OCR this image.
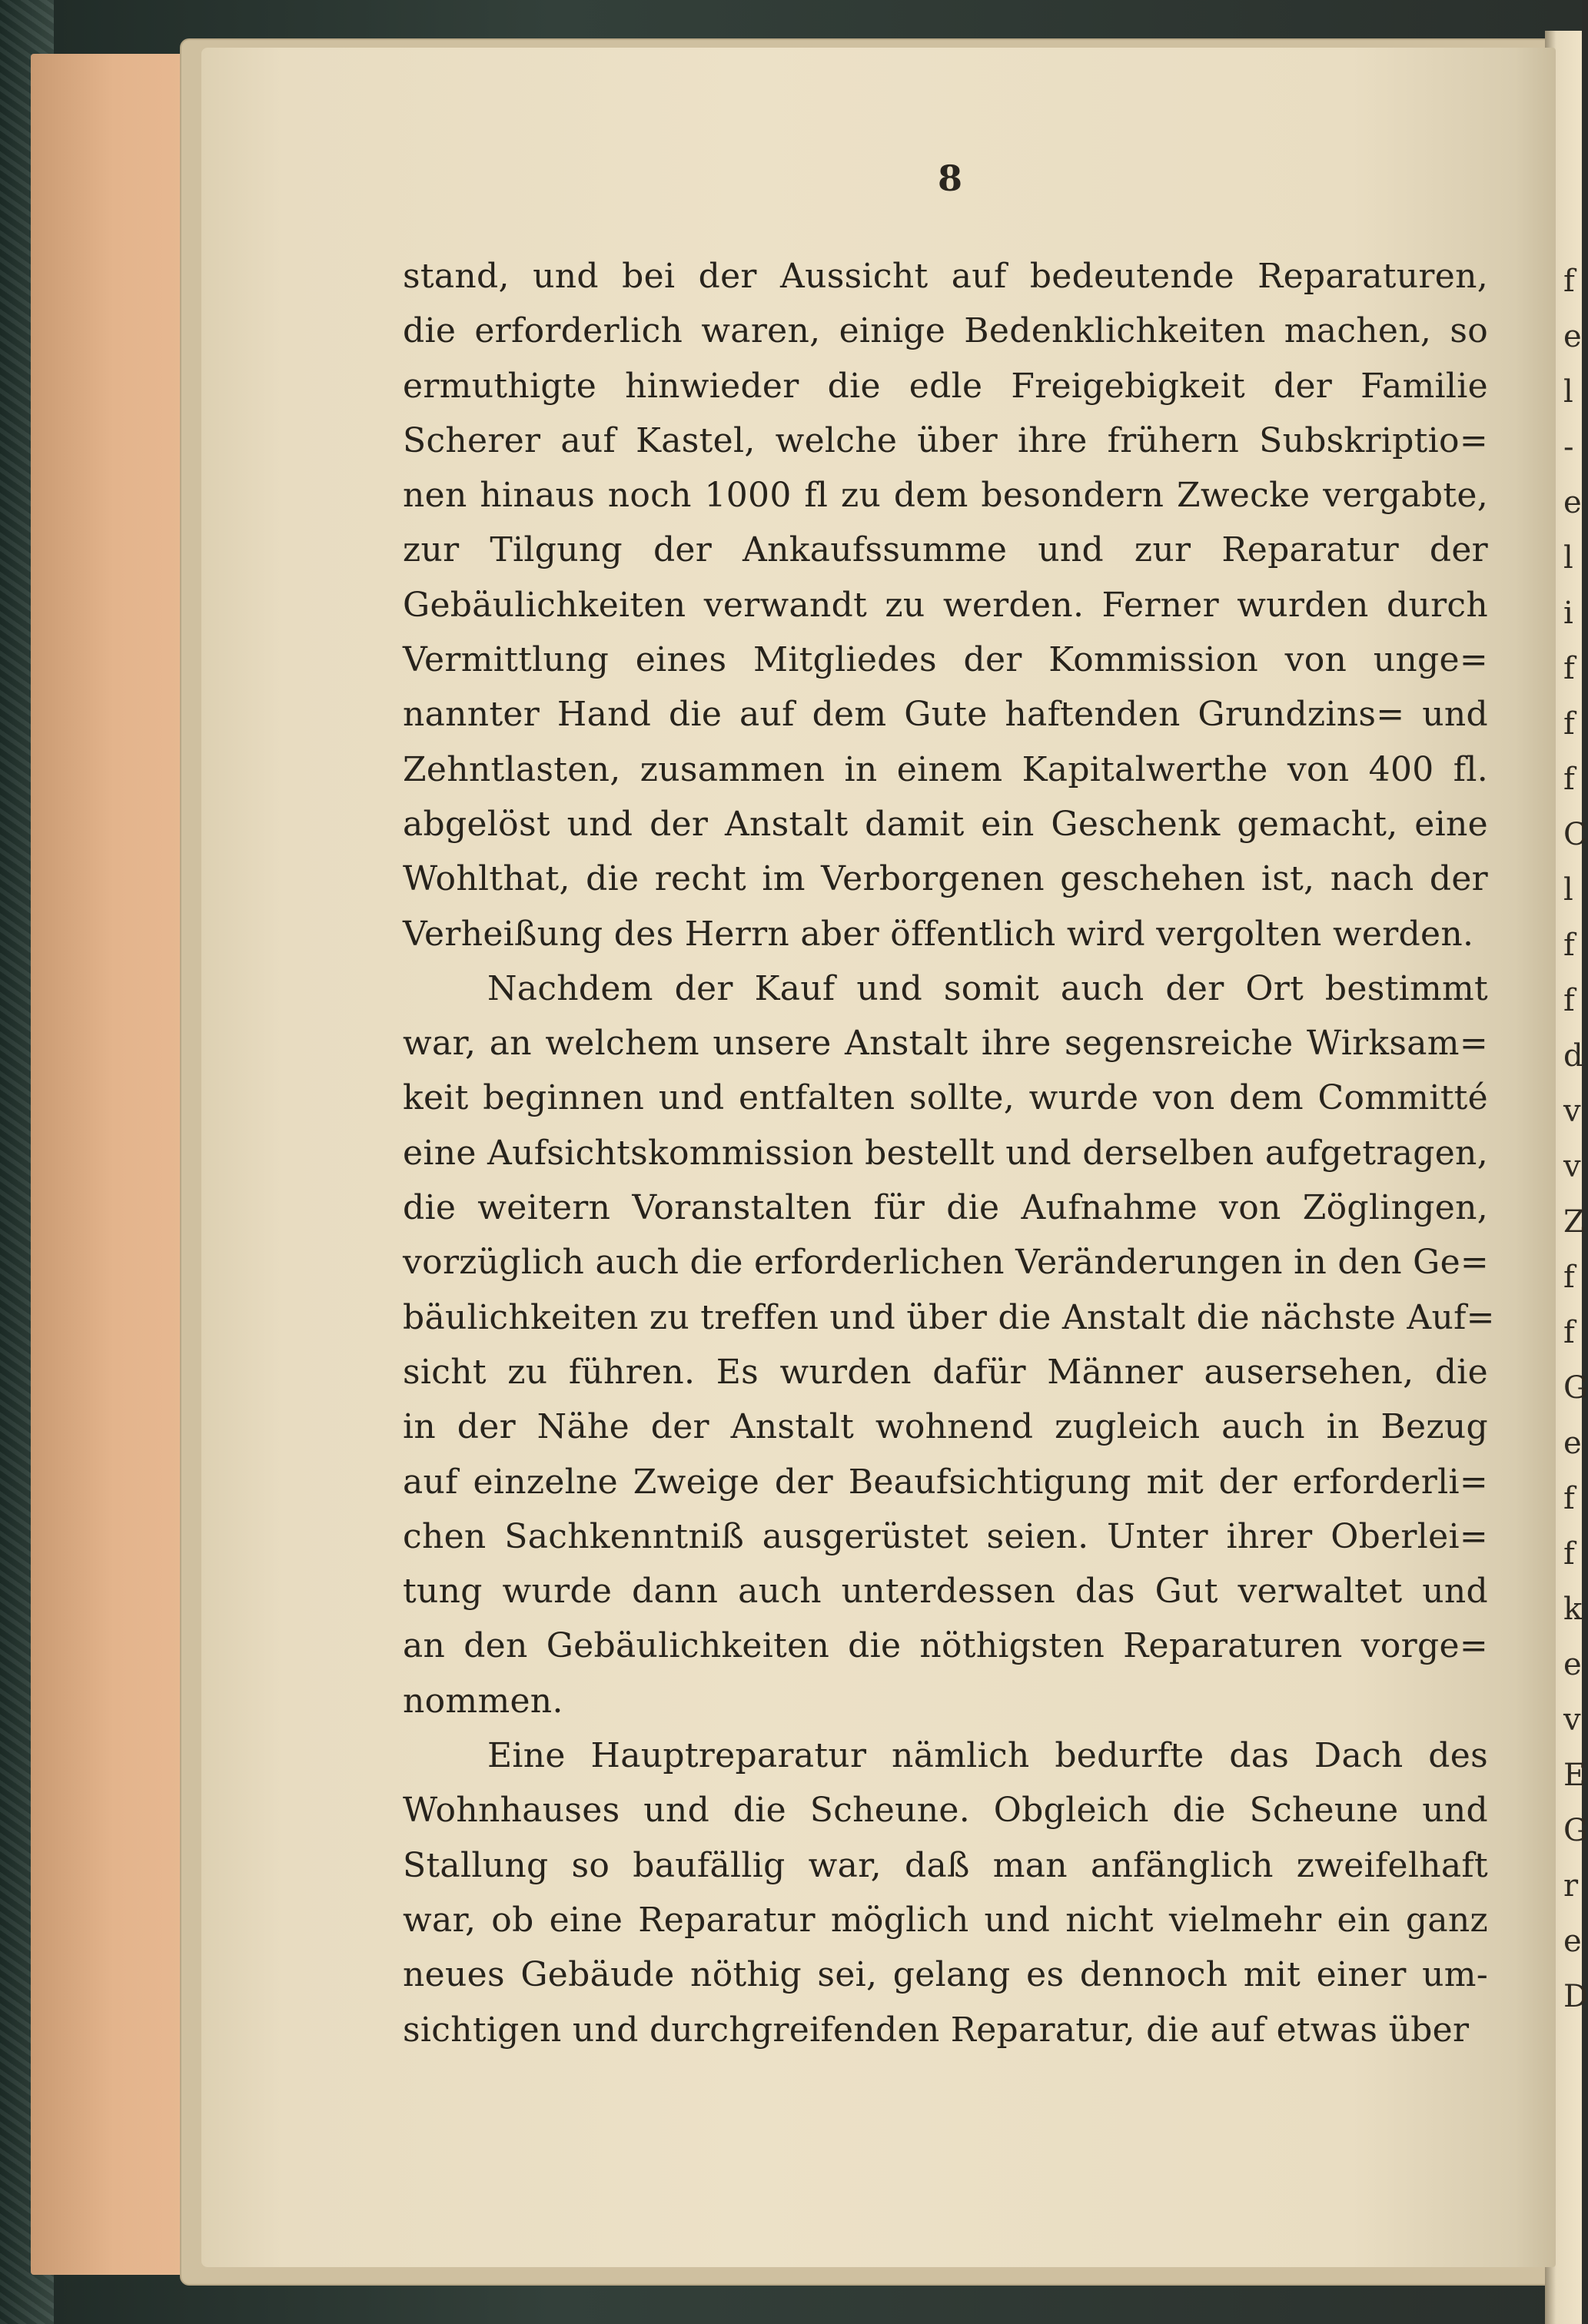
f
e
l
-
e
l
i
f
f
f
C
l
f
f
d
v
v
Z
f
f
G
e
f
f
k
e
v
E
G
r
e
D
8
stand, und bei der Aussicht auf bedeutende Reparaturen,
die erforderlich waren, einige Bedenklichkeiten machen, so
ermuthigte hinwieder die edle Freigebigkeit der Familie
Scherer auf Kastel, welche über ihre frühern Subskriptio=
nen hinaus noch 1000 fl zu dem besondern Zwecke vergabte,
zur Tilgung der Ankaufssumme und zur Reparatur der
Gebäulichkeiten verwandt zu werden. Ferner wurden durch
Vermittlung eines Mitgliedes der Kommission von unge=
nannter Hand die auf dem Gute haftenden Grundzins= und
Zehntlasten, zusammen in einem Kapitalwerthe von 400 fl.
abgelöst und der Anstalt damit ein Geschenk gemacht, eine
Wohlthat, die recht im Verborgenen geschehen ist, nach der
Verheißung des Herrn aber öffentlich wird vergolten werden.
Nachdem der Kauf und somit auch der Ort bestimmt
war, an welchem unsere Anstalt ihre segensreiche Wirksam=
keit beginnen und entfalten sollte, wurde von dem Committé
eine Aufsichtskommission bestellt und derselben aufgetragen,
die weitern Voranstalten für die Aufnahme von Zöglingen,
vorzüglich auch die erforderlichen Veränderungen in den Ge=
bäulichkeiten zu treffen und über die Anstalt die nächste Auf=
sicht zu führen. Es wurden dafür Männer ausersehen, die
in der Nähe der Anstalt wohnend zugleich auch in Bezug
auf einzelne Zweige der Beaufsichtigung mit der erforderli=
chen Sachkenntniß ausgerüstet seien. Unter ihrer Oberlei=
tung wurde dann auch unterdessen das Gut verwaltet und
an den Gebäulichkeiten die nöthigsten Reparaturen vorge=
nommen.
Eine Hauptreparatur nämlich bedurfte das Dach des
Wohnhauses und die Scheune. Obgleich die Scheune und
Stallung so baufällig war, daß man anfänglich zweifelhaft
war, ob eine Reparatur möglich und nicht vielmehr ein ganz
neues Gebäude nöthig sei, gelang es dennoch mit einer um-
sichtigen und durchgreifenden Reparatur, die auf etwas über
